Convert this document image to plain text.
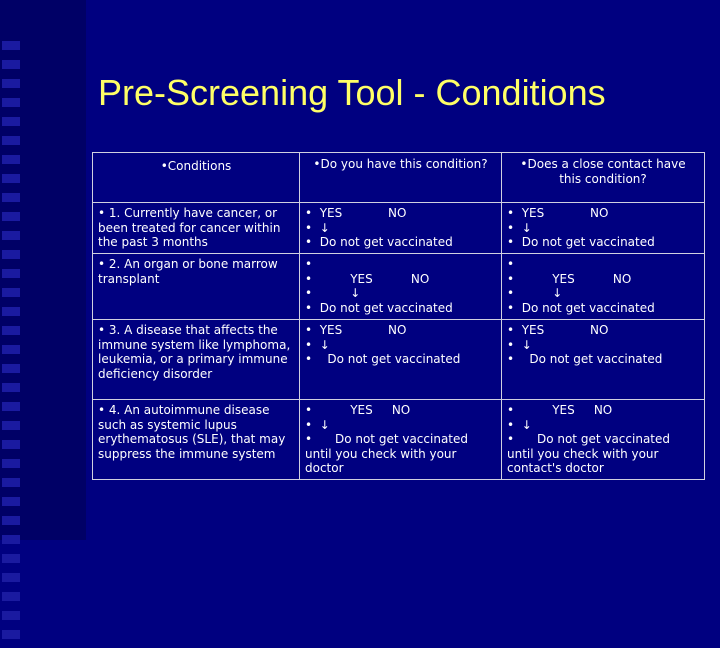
Pre-Screening Tool - Conditions
•Conditions	•Do you have this condition?	•Does a close contact have
this condition?

• 1. Currently have cancer, or been treated for cancer within the past 3 months	•  YES            NO
•  ↓
•  Do not get vaccinated	•  YES            NO
•  ↓
•  Do not get vaccinated

• 2. An organ or bone marrow transplant	•
•          YES          NO
•          ↓
•  Do not get vaccinated	•
•          YES          NO
•          ↓
•  Do not get vaccinated

• 3. A disease that affects the immune system like lymphoma, leukemia, or a primary immune deficiency disorder	•  YES            NO
•  ↓
•    Do not get vaccinated	•  YES            NO
•  ↓
•    Do not get vaccinated

• 4. An autoimmune disease such as systemic lupus erythematosus (SLE), that may suppress the immune system	•          YES     NO
•  ↓
•      Do not get vaccinated
until you check with your
doctor	•          YES     NO
•  ↓
•      Do not get vaccinated
until you check with your
contact's doctor
